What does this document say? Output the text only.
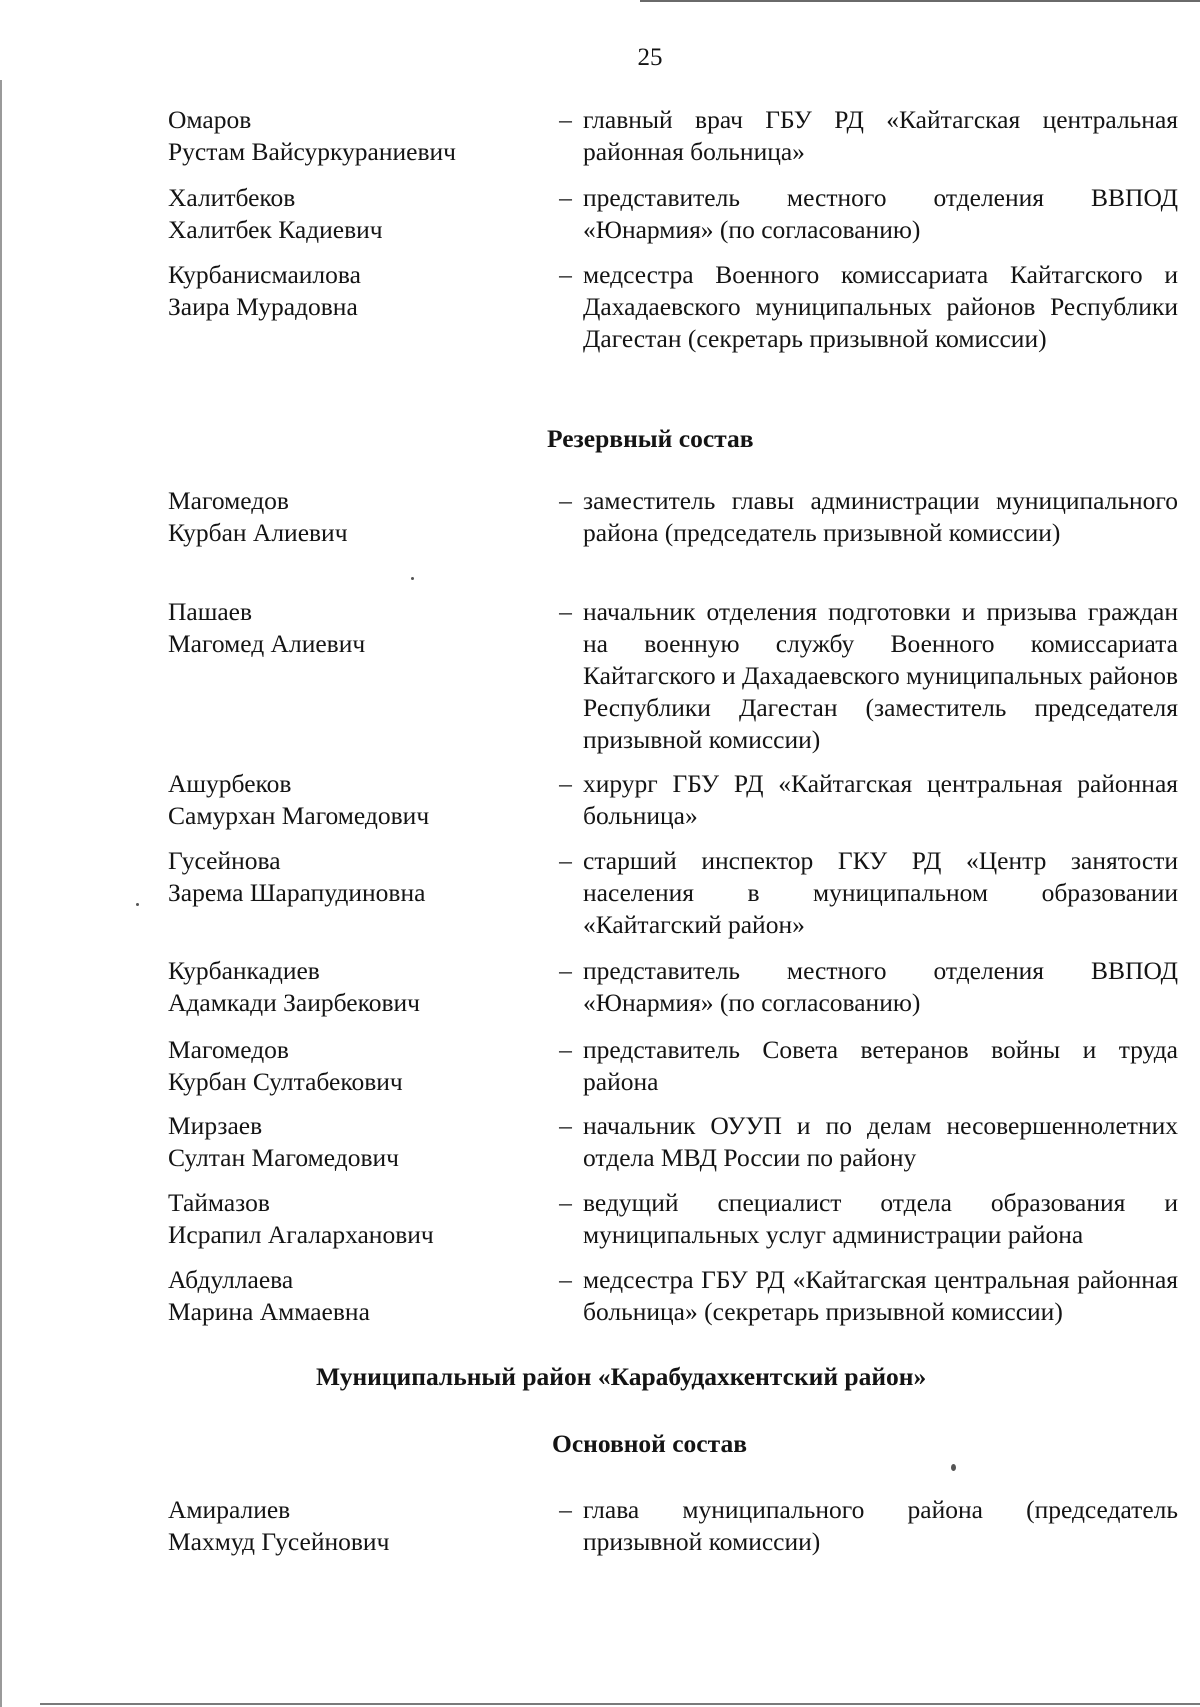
25
Омаров
Рустам Вайсуркураниевич
– главный врач ГБУ РД «Кайтагская центральная районная больница»
Халитбеков
Халитбек Кадиевич
– представитель местного отделения ВВПОД «Юнармия» (по согласованию)
Курбанисмаилова
Заира Мурадовна
– медсестра Военного комиссариата Кайтагского и Дахадаевского муниципальных районов Республики Дагестан (секретарь призывной комиссии)
Резервный состав
Магомедов
Курбан Алиевич
– заместитель главы администрации муниципального района (председатель призывной комиссии)
Пашаев
Магомед Алиевич
– начальник отделения подготовки и призыва граждан на военную службу Военного комиссариата Кайтагского и Дахадаевского муниципальных районов Республики Дагестан (заместитель председателя призывной комиссии)
Ашурбеков
Самурхан Магомедович
– хирург ГБУ РД «Кайтагская центральная районная больница»
Гусейнова
Зарема Шарапудиновна
– старший инспектор ГКУ РД «Центр занятости населения в муниципальном образовании «Кайтагский район»
Курбанкадиев
Адамкади Заирбекович
– представитель местного отделения ВВПОД «Юнармия» (по согласованию)
Магомедов
Курбан Султабекович
– представитель Совета ветеранов войны и труда района
Мирзаев
Султан Магомедович
– начальник ОУУП и по делам несовершеннолетних отдела МВД России по району
Таймазов
Исрапил Агаларханович
– ведущий специалист отдела образования и муниципальных услуг администрации района
Абдуллаева
Марина Аммаевна
– медсестра ГБУ РД «Кайтагская центральная районная больница» (секретарь призывной комиссии)
Муниципальный район «Карабудахкентский район»
Основной состав
Амиралиев
Махмуд Гусейнович
– глава муниципального района (председатель призывной комиссии)
